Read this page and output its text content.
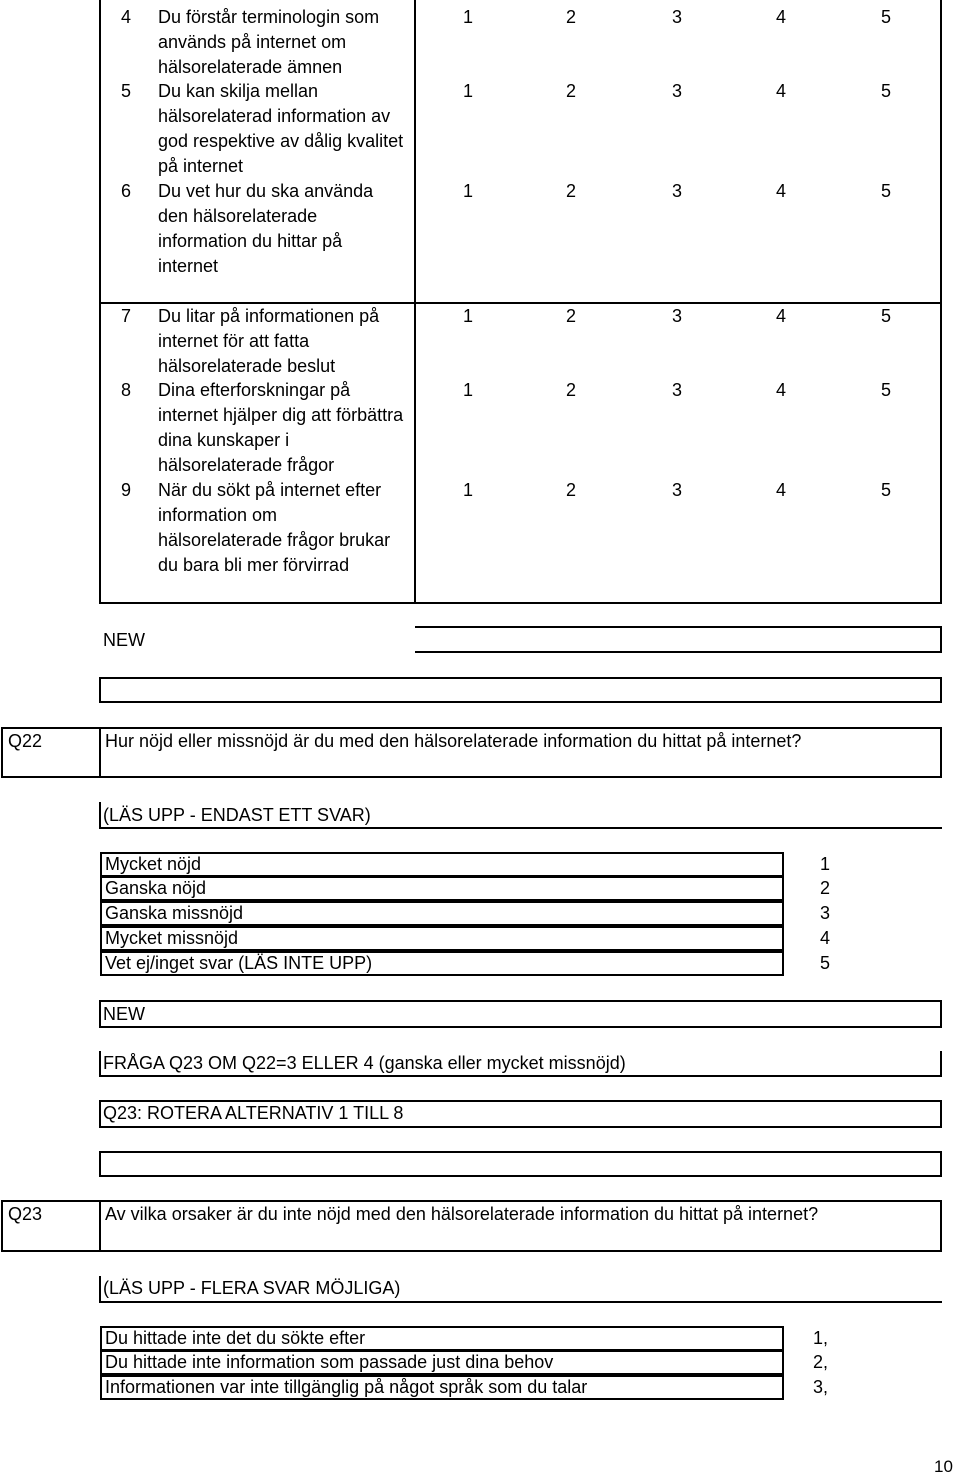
4 Du förstår terminologin som används på internet om hälsorelaterade ämnen
1	2	3	4	5
5 Du kan skilja mellan hälsorelaterad information av god respektive av dålig kvalitet på internet
1	2	3	4	5
6 Du vet hur du ska använda den hälsorelaterade information du hittar på internet
1	2	3	4	5
7 Du litar på informationen på internet för att fatta hälsorelaterade beslut
1	2	3	4	5
8 Dina efterforskningar på internet hjälper dig att förbättra dina kunskaper i hälsorelaterade frågor
1	2	3	4	5
9 När du sökt på internet efter information om hälsorelaterade frågor brukar du bara bli mer förvirrad
1	2	3	4	5
NEW
Q22	Hur nöjd eller missnöjd är du med den hälsorelaterade information du hittat på internet?
(LÄS UPP - ENDAST ETT SVAR)
Mycket nöjd	1
Ganska nöjd	2
Ganska missnöjd	3
Mycket missnöjd	4
Vet ej/inget svar (LÄS INTE UPP)	5
NEW
FRÅGA Q23 OM Q22=3 ELLER 4 (ganska eller mycket missnöjd)
Q23: ROTERA ALTERNATIV 1 TILL 8
Q23	Av vilka orsaker är du inte nöjd med den hälsorelaterade information du hittat på internet?
(LÄS UPP - FLERA SVAR MÖJLIGA)
Du hittade inte det du sökte efter	1,
Du hittade inte information som passade just dina behov	2,
Informationen var inte tillgänglig på något språk som du talar	3,
10
